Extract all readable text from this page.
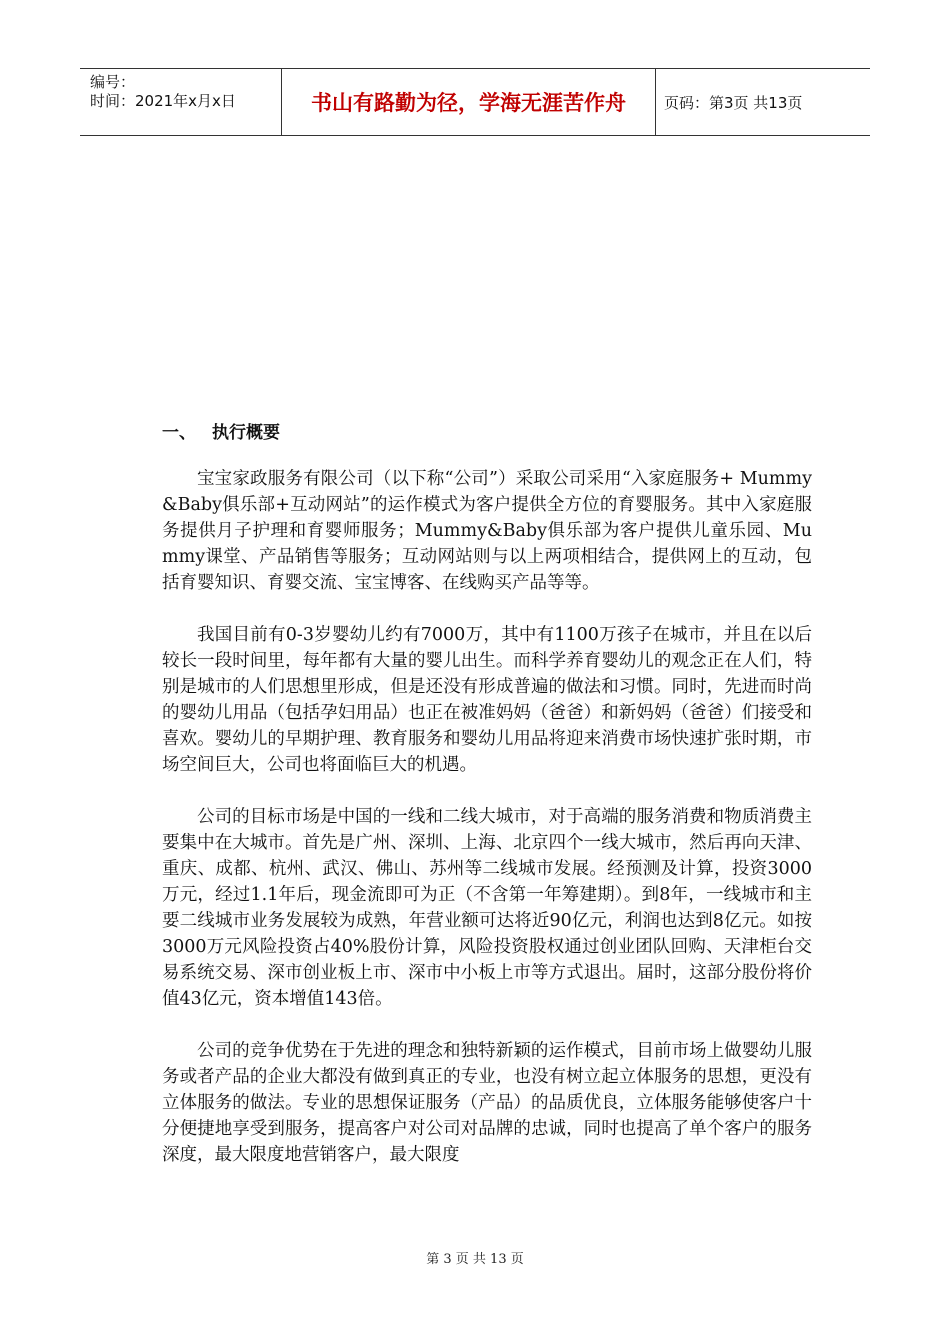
编号：
时间：2021年x月x日	书山有路勤为径，学海无涯苦作舟	页码：第3页 共13页
一、 执行概要

宝宝家政服务有限公司（以下称“公司”）采取公司采用“入家庭服务+ Mummy&Baby俱乐部+互动网站”的运作模式为客户提供全方位的育婴服务。其中入家庭服务提供月子护理和育婴师服务；Mummy&Baby俱乐部为客户提供儿童乐园、Mummy课堂、产品销售等服务；互动网站则与以上两项相结合，提供网上的互动，包括育婴知识、育婴交流、宝宝博客、在线购买产品等等。

我国目前有0-3岁婴幼儿约有7000万，其中有1100万孩子在城市，并且在以后较长一段时间里，每年都有大量的婴儿出生。而科学养育婴幼儿的观念正在人们，特别是城市的人们思想里形成，但是还没有形成普遍的做法和习惯。同时，先进而时尚的婴幼儿用品（包括孕妇用品）也正在被准妈妈（爸爸）和新妈妈（爸爸）们接受和喜欢。婴幼儿的早期护理、教育服务和婴幼儿用品将迎来消费市场快速扩张时期，市场空间巨大，公司也将面临巨大的机遇。

公司的目标市场是中国的一线和二线大城市，对于高端的服务消费和物质消费主要集中在大城市。首先是广州、深圳、上海、北京四个一线大城市，然后再向天津、重庆、成都、杭州、武汉、佛山、苏州等二线城市发展。经预测及计算，投资3000万元，经过1.1年后，现金流即可为正（不含第一年筹建期）。到8年，一线城市和主要二线城市业务发展较为成熟，年营业额可达将近90亿元，利润也达到8亿元。如按3000万元风险投资占40%股份计算，风险投资股权通过创业团队回购、天津柜台交易系统交易、深市创业板上市、深市中小板上市等方式退出。届时，这部分股份将价值43亿元，资本增值143倍。

公司的竞争优势在于先进的理念和独特新颖的运作模式，目前市场上做婴幼儿服务或者产品的企业大都没有做到真正的专业，也没有树立起立体服务的思想，更没有立体服务的做法。专业的思想保证服务（产品）的品质优良，立体服务能够使客户十分便捷地享受到服务，提高客户对公司对品牌的忠诚，同时也提高了单个客户的服务深度，最大限度地营销客户，最大限度

第 3 页 共 13 页
